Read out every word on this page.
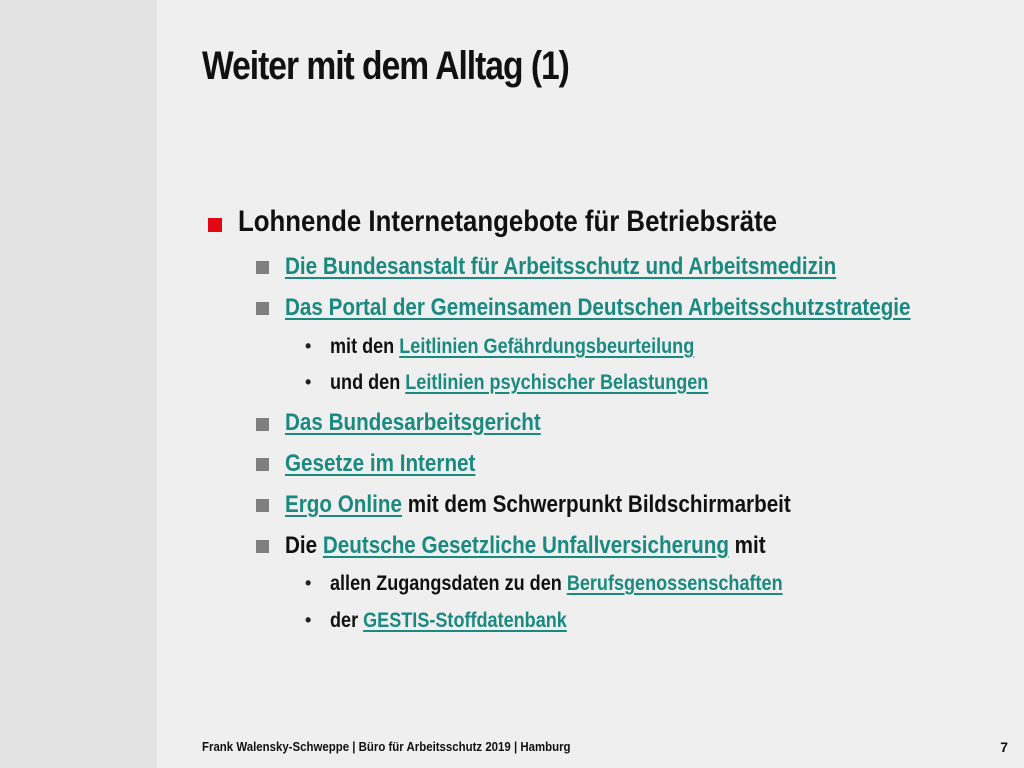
Weiter mit dem Alltag (1)
Lohnende Internetangebote für Betriebsräte
Die Bundesanstalt für Arbeitsschutz und Arbeitsmedizin
Das Portal der Gemeinsamen Deutschen Arbeitsschutzstrategie
• mit den Leitlinien Gefährdungsbeurteilung
• und den Leitlinien psychischer Belastungen
Das Bundesarbeitsgericht
Gesetze im Internet
Ergo Online mit dem Schwerpunkt Bildschirmarbeit
Die Deutsche Gesetzliche Unfallversicherung mit
• allen Zugangsdaten zu den Berufsgenossenschaften
• der GESTIS-Stoffdatenbank
Frank Walensky-Schweppe | Büro für Arbeitsschutz 2019 | Hamburg	7
